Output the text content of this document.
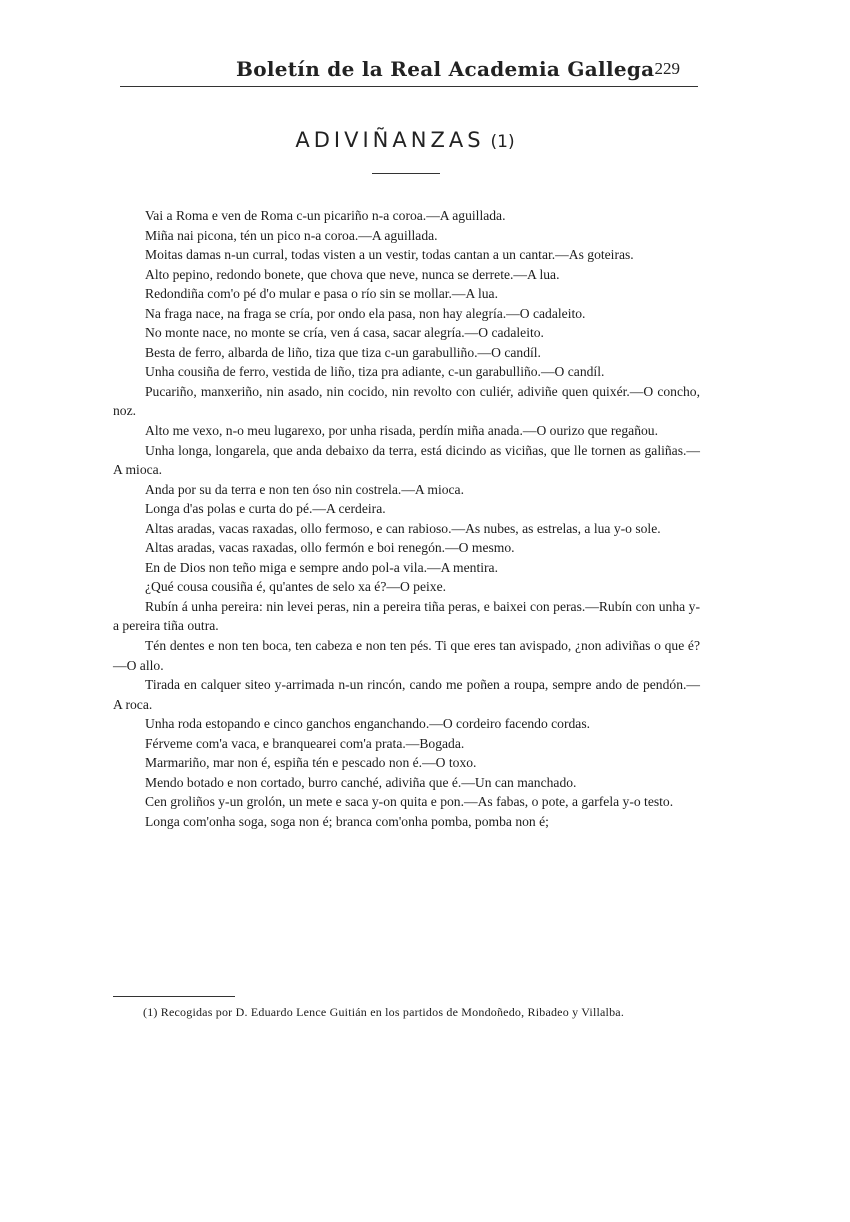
Boletín de la Real Academia Gallega 229
ADIVIÑANZAS (1)

Vai a Roma e ven de Roma c-un picariño n-a coroa.—A aguillada.

Miña nai picona, tén un pico n-a coroa.—A aguillada.

Moitas damas n-un curral, todas visten a un vestir, todas cantan a un cantar.—As goteiras.

Alto pepino, redondo bonete, que chova que neve, nunca se derrete.—A lua.

Redondiña com'o pé d'o mular e pasa o río sin se mollar.—A lua.

Na fraga nace, na fraga se cría, por ondo ela pasa, non hay alegría.—O cadaleito.

No monte nace, no monte se cría, ven á casa, sacar alegría.—O cadaleito.

Besta de ferro, albarda de liño, tiza que tiza c-un garabulliño.—O candíl.

Unha cousiña de ferro, vestida de liño, tiza pra adiante, c-un garabulliño.—O candíl.

Pucariño, manxeriño, nin asado, nin cocido, nin revolto con culiér, adiviñe quen quixér.—O concho, noz.

Alto me vexo, n-o meu lugarexo, por unha risada, perdín miña anada.—O ourizo que regañou.

Unha longa, longarela, que anda debaixo da terra, está dicindo as viciñas, que lle tornen as galiñas.—A mioca.

Anda por su da terra e non ten óso nin costrela.—A mioca.

Longa d'as polas e curta do pé.—A cerdeira.

Altas aradas, vacas raxadas, ollo fermoso, e can rabioso.—As nubes, as estrelas, a lua y-o sole.

Altas aradas, vacas raxadas, ollo fermón e boi renegón.—O mesmo.

En de Dios non teño miga e sempre ando pol-a vila.—A mentira.

¿Qué cousa cousiña é, qu'antes de selo xa é?—O peixe.

Rubín á unha pereira: nin levei peras, nin a pereira tiña peras, e baixei con peras.—Rubín con unha y-a pereira tiña outra.

Tén dentes e non ten boca, ten cabeza e non ten pés. Ti que eres tan avispado, ¿non adiviñas o que é?—O allo.

Tirada en calquer siteo y-arrimada n-un rincón, cando me poñen a roupa, sempre ando de pendón.—A roca.

Unha roda estopando e cinco ganchos enganchando.—O cordeiro facendo cordas.

Férveme com'a vaca, e branquearei com'a prata.—Bogada.

Marmariño, mar non é, espiña tén e pescado non é.—O toxo.

Mendo botado e non cortado, burro canché, adiviña que é.—Un can manchado.

Cen groliños y-un grolón, un mete e saca y-on quita e pon.—As fabas, o pote, a garfela y-o testo.

Longa com'onha soga, soga non é; branca com'onha pomba, pomba non é;

(1) Recogidas por D. Eduardo Lence Guitián en los partidos de Mondoñedo, Ribadeo y Villalba.
